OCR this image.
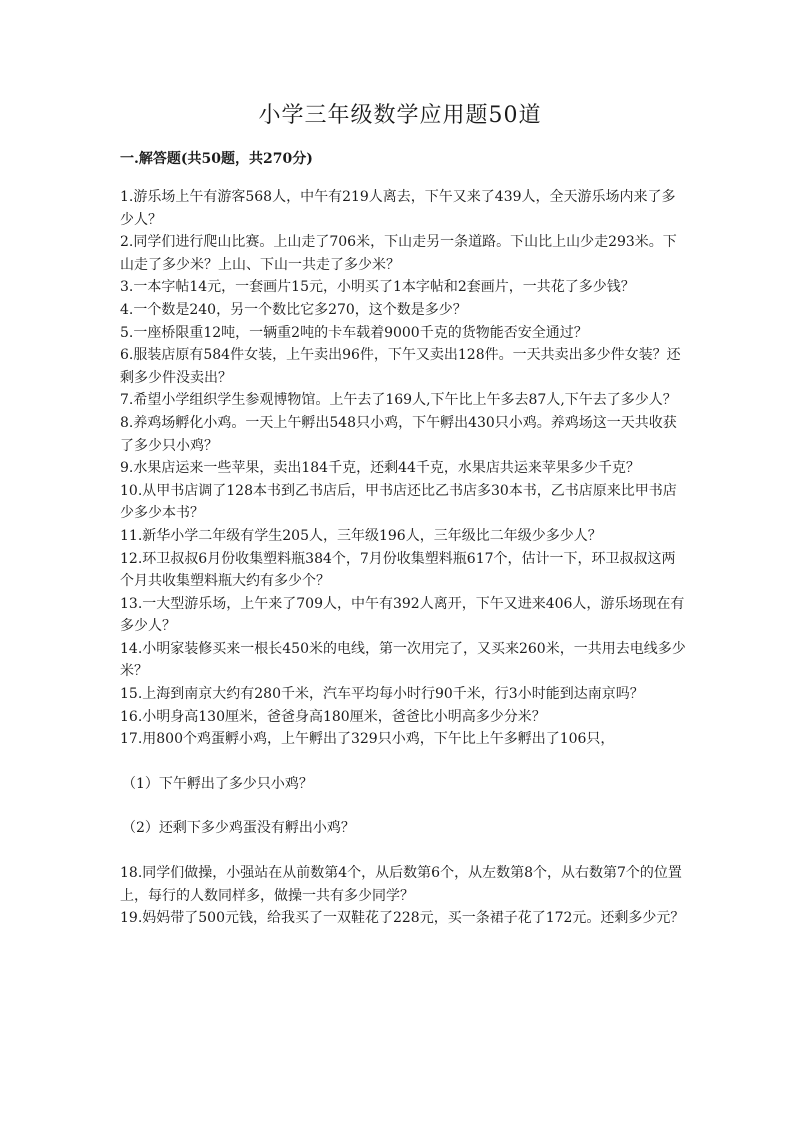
小学三年级数学应用题50道
一.解答题(共50题，共270分)

1.游乐场上午有游客568人，中午有219人离去，下午又来了439人，全天游乐场内来了多少人？

2.同学们进行爬山比赛。上山走了706米，下山走另一条道路。下山比上山少走293米。下山走了多少米？上山、下山一共走了多少米？

3.一本字帖14元，一套画片15元，小明买了1本字帖和2套画片，一共花了多少钱？

4.一个数是240，另一个数比它多270，这个数是多少？

5.一座桥限重12吨，一辆重2吨的卡车载着9000千克的货物能否安全通过？

6.服装店原有584件女装，上午卖出96件，下午又卖出128件。一天共卖出多少件女装？还剩多少件没卖出？

7.希望小学组织学生参观博物馆。上午去了169人,下午比上午多去87人,下午去了多少人？

8.养鸡场孵化小鸡。一天上午孵出548只小鸡，下午孵出430只小鸡。养鸡场这一天共收获了多少只小鸡？

9.水果店运来一些苹果，卖出184千克，还剩44千克，水果店共运来苹果多少千克？

10.从甲书店调了128本书到乙书店后，甲书店还比乙书店多30本书，乙书店原来比甲书店少多少本书？

11.新华小学二年级有学生205人，三年级196人，三年级比二年级少多少人？

12.环卫叔叔6月份收集塑料瓶384个，7月份收集塑料瓶617个，估计一下，环卫叔叔这两个月共收集塑料瓶大约有多少个？

13.一大型游乐场，上午来了709人，中午有392人离开，下午又进来406人，游乐场现在有多少人？

14.小明家装修买来一根长450米的电线，第一次用完了，又买来260米，一共用去电线多少米？

15.上海到南京大约有280千米，汽车平均每小时行90千米，行3小时能到达南京吗？

16.小明身高130厘米，爸爸身高180厘米，爸爸比小明高多少分米？

17.用800个鸡蛋孵小鸡，上午孵出了329只小鸡，下午比上午多孵出了106只，

（1）下午孵出了多少只小鸡？

（2）还剩下多少鸡蛋没有孵出小鸡？

18.同学们做操，小强站在从前数第4个，从后数第6个，从左数第8个，从右数第7个的位置上，每行的人数同样多，做操一共有多少同学？

19.妈妈带了500元钱，给我买了一双鞋花了228元，买一条裙子花了172元。还剩多少元？
